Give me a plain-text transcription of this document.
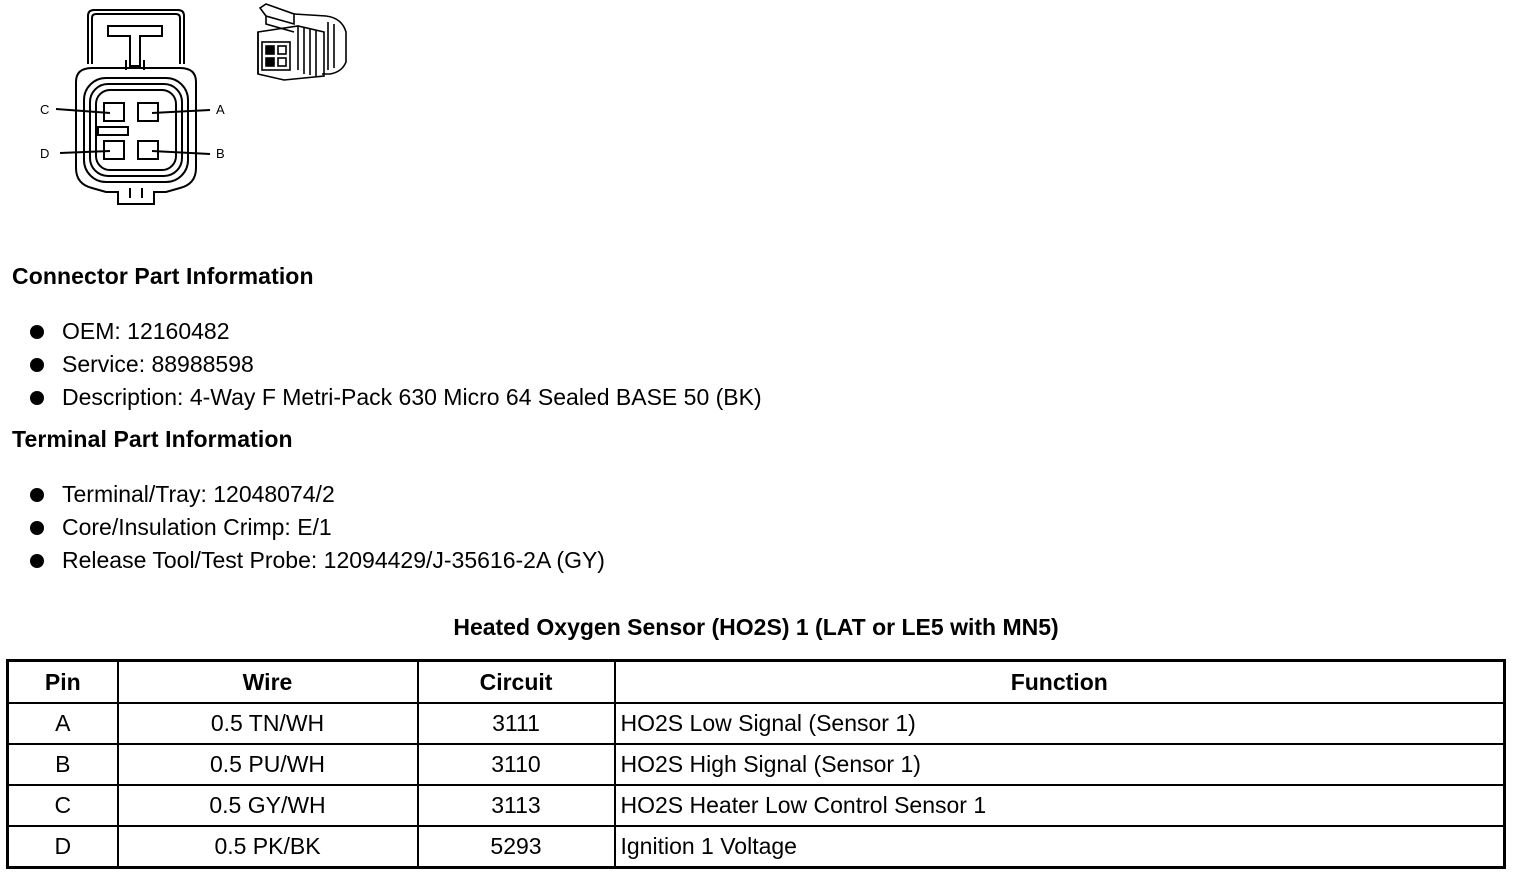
C
D
A
B
Connector Part Information
OEM: 12160482
Service: 88988598
Description: 4-Way F Metri-Pack 630 Micro 64 Sealed BASE 50 (BK)
Terminal Part Information
Terminal/Tray: 12048074/2
Core/Insulation Crimp: E/1
Release Tool/Test Probe: 12094429/J-35616-2A (GY)
Heated Oxygen Sensor (HO2S) 1 (LAT or LE5 with MN5)
Pin	Wire	Circuit	Function
A	0.5 TN/WH	3111	HO2S Low Signal (Sensor 1)
B	0.5 PU/WH	3110	HO2S High Signal (Sensor 1)
C	0.5 GY/WH	3113	HO2S Heater Low Control Sensor 1
D	0.5 PK/BK	5293	Ignition 1 Voltage
